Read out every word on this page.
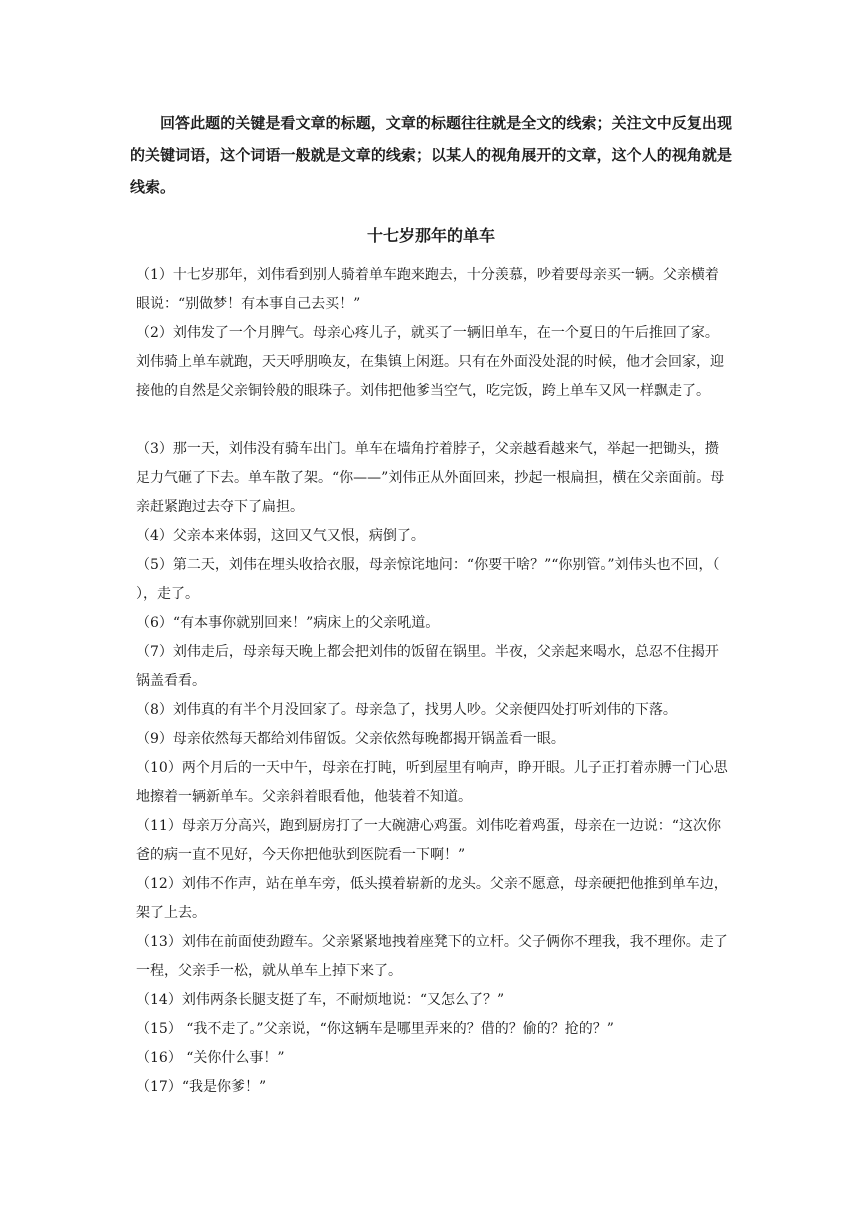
回答此题的关键是看文章的标题，文章的标题往往就是全文的线索；关注文中反复出现的关键词语，这个词语一般就是文章的线索；以某人的视角展开的文章，这个人的视角就是线索。

十七岁那年的单车

（1）十七岁那年，刘伟看到别人骑着单车跑来跑去，十分羡慕，吵着要母亲买一辆。父亲横着眼说：“别做梦！有本事自己去买！”

（2）刘伟发了一个月脾气。母亲心疼儿子，就买了一辆旧单车，在一个夏日的午后推回了家。刘伟骑上单车就跑，天天呼朋唤友，在集镇上闲逛。只有在外面没处混的时候，他才会回家，迎接他的自然是父亲铜铃般的眼珠子。刘伟把他爹当空气，吃完饭，跨上单车又风一样飘走了。

（3）那一天，刘伟没有骑车出门。单车在墙角拧着脖子，父亲越看越来气，举起一把锄头，攒足力气砸了下去。单车散了架。“你——”刘伟正从外面回来，抄起一根扁担，横在父亲面前。母亲赶紧跑过去夺下了扁担。

（4）父亲本来体弱，这回又气又恨，病倒了。

（5）第二天，刘伟在埋头收拾衣服，母亲惊诧地问：“你要干啥？”“你别管。”刘伟头也不回，（ ），走了。

（6）“有本事你就别回来！”病床上的父亲吼道。

（7）刘伟走后，母亲每天晚上都会把刘伟的饭留在锅里。半夜，父亲起来喝水，总忍不住揭开锅盖看看。

（8）刘伟真的有半个月没回家了。母亲急了，找男人吵。父亲便四处打听刘伟的下落。

（9）母亲依然每天都给刘伟留饭。父亲依然每晚都揭开锅盖看一眼。

（10）两个月后的一天中午，母亲在打盹，听到屋里有响声，睁开眼。儿子正打着赤膊一门心思地擦着一辆新单车。父亲斜着眼看他，他装着不知道。

（11）母亲万分高兴，跑到厨房打了一大碗溏心鸡蛋。刘伟吃着鸡蛋，母亲在一边说：“这次你爸的病一直不见好，今天你把他驮到医院看一下啊！”

（12）刘伟不作声，站在单车旁，低头摸着崭新的龙头。父亲不愿意，母亲硬把他推到单车边，架了上去。

（13）刘伟在前面使劲蹬车。父亲紧紧地拽着座凳下的立杆。父子俩你不理我，我不理你。走了一程，父亲手一松，就从单车上掉下来了。

（14）刘伟两条长腿支挺了车，不耐烦地说：“又怎么了？”

（15） “我不走了。”父亲说，“你这辆车是哪里弄来的？借的？偷的？抢的？”

（16） “关你什么事！”

（17）“我是你爹！”
